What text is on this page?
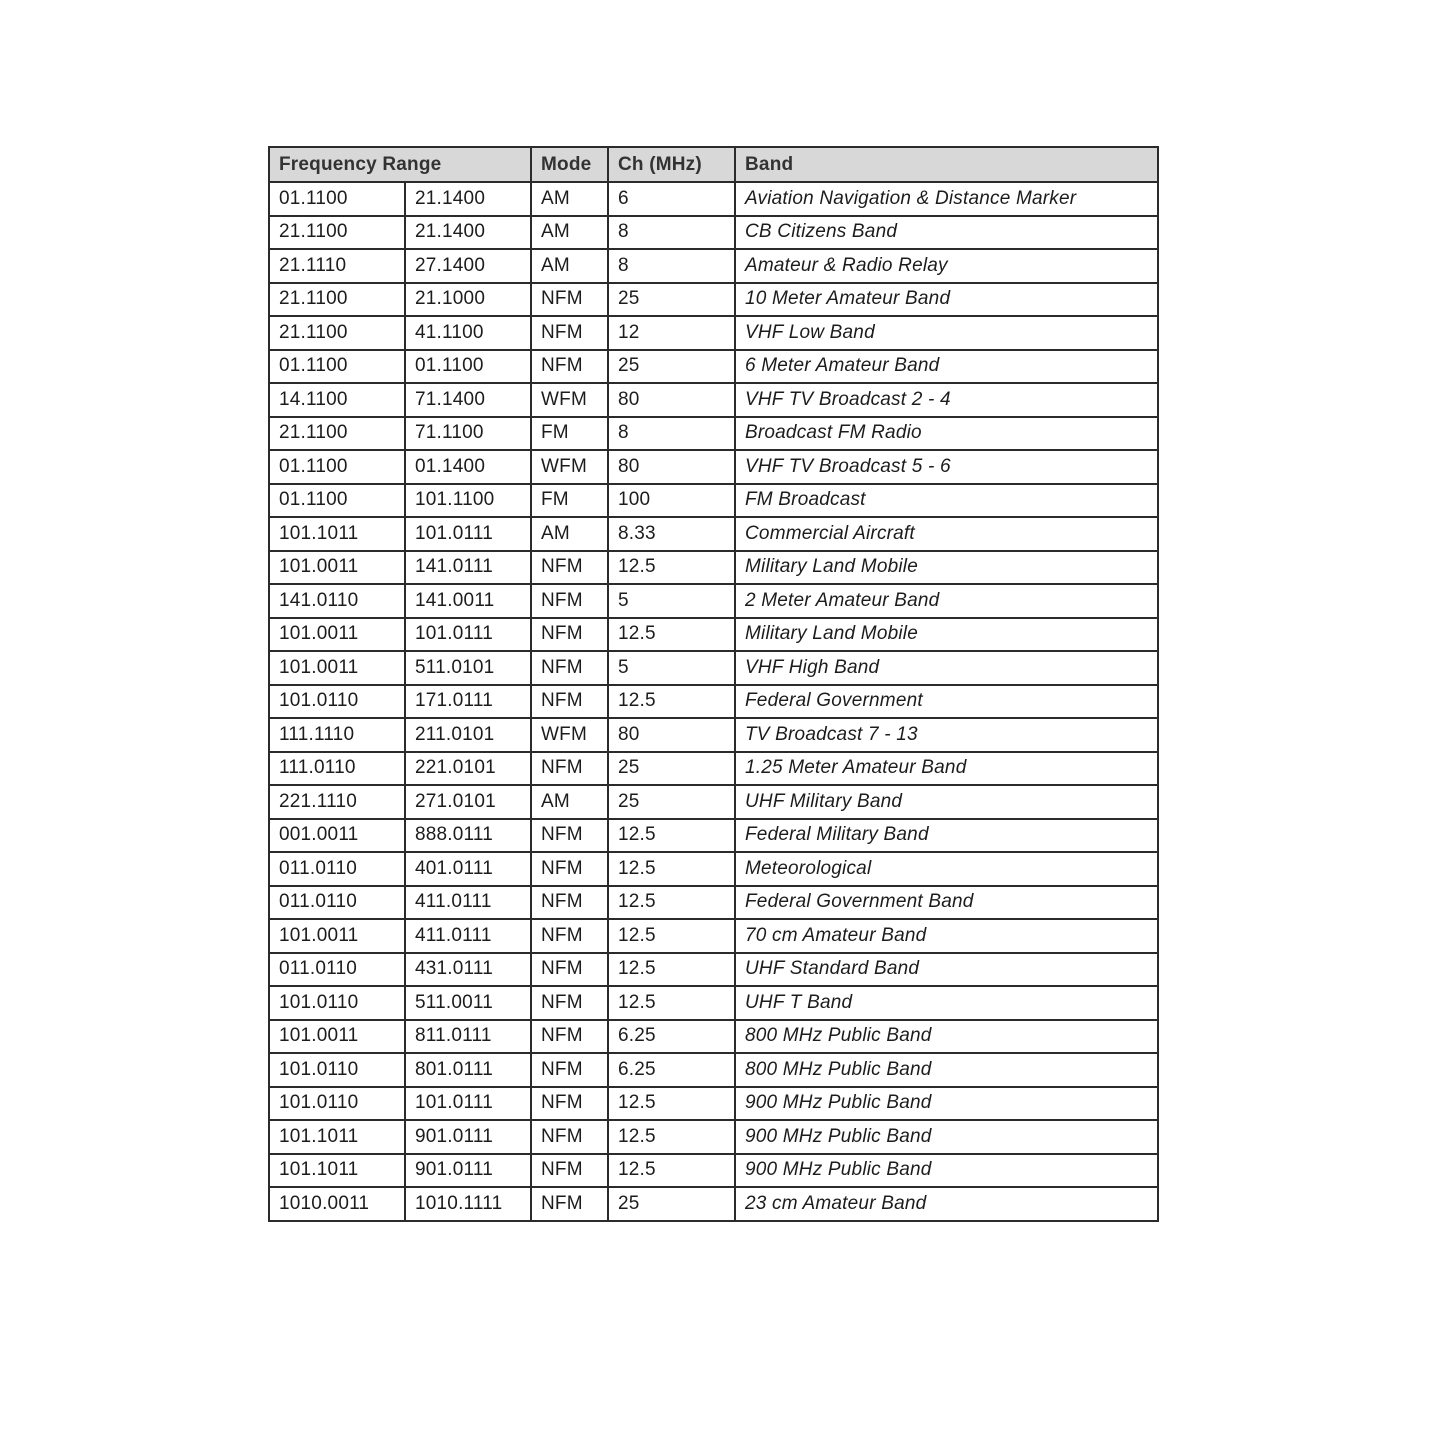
Frequency Range		Mode	Ch (MHz)	Band
01.1100	21.1400	AM	6	Aviation Navigation & Distance Marker
21.1100	21.1400	AM	8	CB Citizens Band
21.1110	27.1400	AM	8	Amateur & Radio Relay
21.1100	21.1000	NFM	25	10 Meter Amateur Band
21.1100	41.1100	NFM	12	VHF Low Band
01.1100	01.1100	NFM	25	6 Meter Amateur Band
14.1100	71.1400	WFM	80	VHF TV Broadcast 2 - 4
21.1100	71.1100	FM	8	Broadcast FM Radio
01.1100	01.1400	WFM	80	VHF TV Broadcast 5 - 6
01.1100	101.1100	FM	100	FM Broadcast
101.1011	101.0111	AM	8.33	Commercial Aircraft
101.0011	141.0111	NFM	12.5	Military Land Mobile
141.0110	141.0011	NFM	5	2 Meter Amateur Band
101.0011	101.0111	NFM	12.5	Military Land Mobile
101.0011	511.0101	NFM	5	VHF High Band
101.0110	171.0111	NFM	12.5	Federal Government
111.1110	211.0101	WFM	80	TV Broadcast 7 - 13
111.0110	221.0101	NFM	25	1.25 Meter Amateur Band
221.1110	271.0101	AM	25	UHF Military Band
001.0011	888.0111	NFM	12.5	Federal Military Band
011.0110	401.0111	NFM	12.5	Meteorological
011.0110	411.0111	NFM	12.5	Federal Government Band
101.0011	411.0111	NFM	12.5	70 cm Amateur Band
011.0110	431.0111	NFM	12.5	UHF Standard Band
101.0110	511.0011	NFM	12.5	UHF T Band
101.0011	811.0111	NFM	6.25	800 MHz Public Band
101.0110	801.0111	NFM	6.25	800 MHz Public Band
101.0110	101.0111	NFM	12.5	900 MHz Public Band
101.1011	901.0111	NFM	12.5	900 MHz Public Band
101.1011	901.0111	NFM	12.5	900 MHz Public Band
1010.0011	1010.1111	NFM	25	23 cm Amateur Band
